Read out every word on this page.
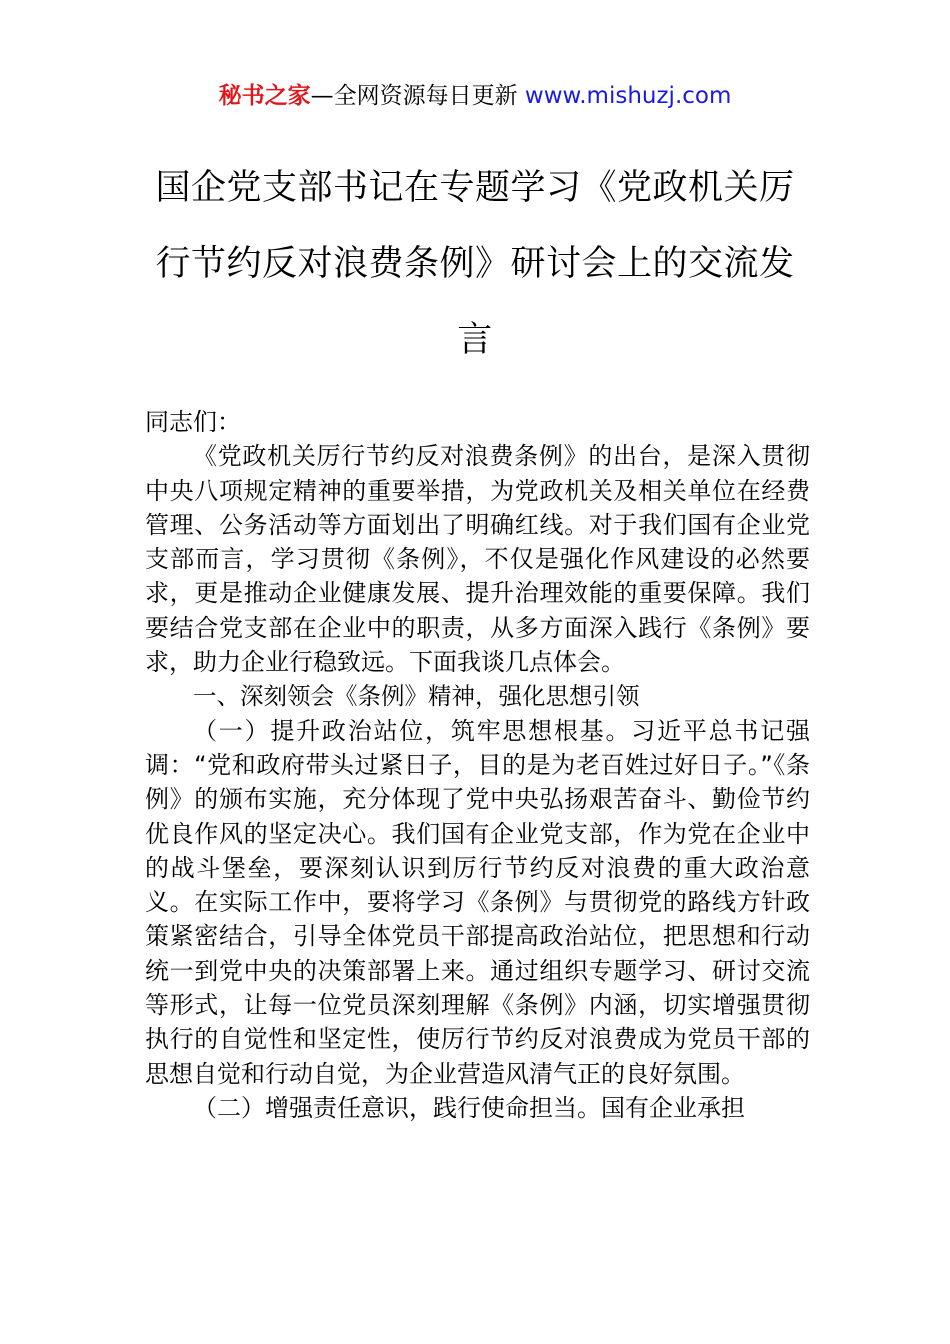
秘书之家—全网资源每日更新 www.mishuzj.com
国企党支部书记在专题学习《党政机关厉行节约反对浪费条例》研讨会上的交流发言

同志们：

《党政机关厉行节约反对浪费条例》的出台，是深入贯彻中央八项规定精神的重要举措，为党政机关及相关单位在经费管理、公务活动等方面划出了明确红线。对于我们国有企业党支部而言，学习贯彻《条例》，不仅是强化作风建设的必然要求，更是推动企业健康发展、提升治理效能的重要保障。我们要结合党支部在企业中的职责，从多方面深入践行《条例》要求，助力企业行稳致远。下面我谈几点体会。

一、深刻领会《条例》精神，强化思想引领

（一）提升政治站位，筑牢思想根基。习近平总书记强调：“党和政府带头过紧日子，目的是为老百姓过好日子。”《条例》的颁布实施，充分体现了党中央弘扬艰苦奋斗、勤俭节约优良作风的坚定决心。我们国有企业党支部，作为党在企业中的战斗堡垒，要深刻认识到厉行节约反对浪费的重大政治意义。在实际工作中，要将学习《条例》与贯彻党的路线方针政策紧密结合，引导全体党员干部提高政治站位，把思想和行动统一到党中央的决策部署上来。通过组织专题学习、研讨交流等形式，让每一位党员深刻理解《条例》内涵，切实增强贯彻执行的自觉性和坚定性，使厉行节约反对浪费成为党员干部的思想自觉和行动自觉，为企业营造风清气正的良好氛围。

（二）增强责任意识，践行使命担当。国有企业承担
